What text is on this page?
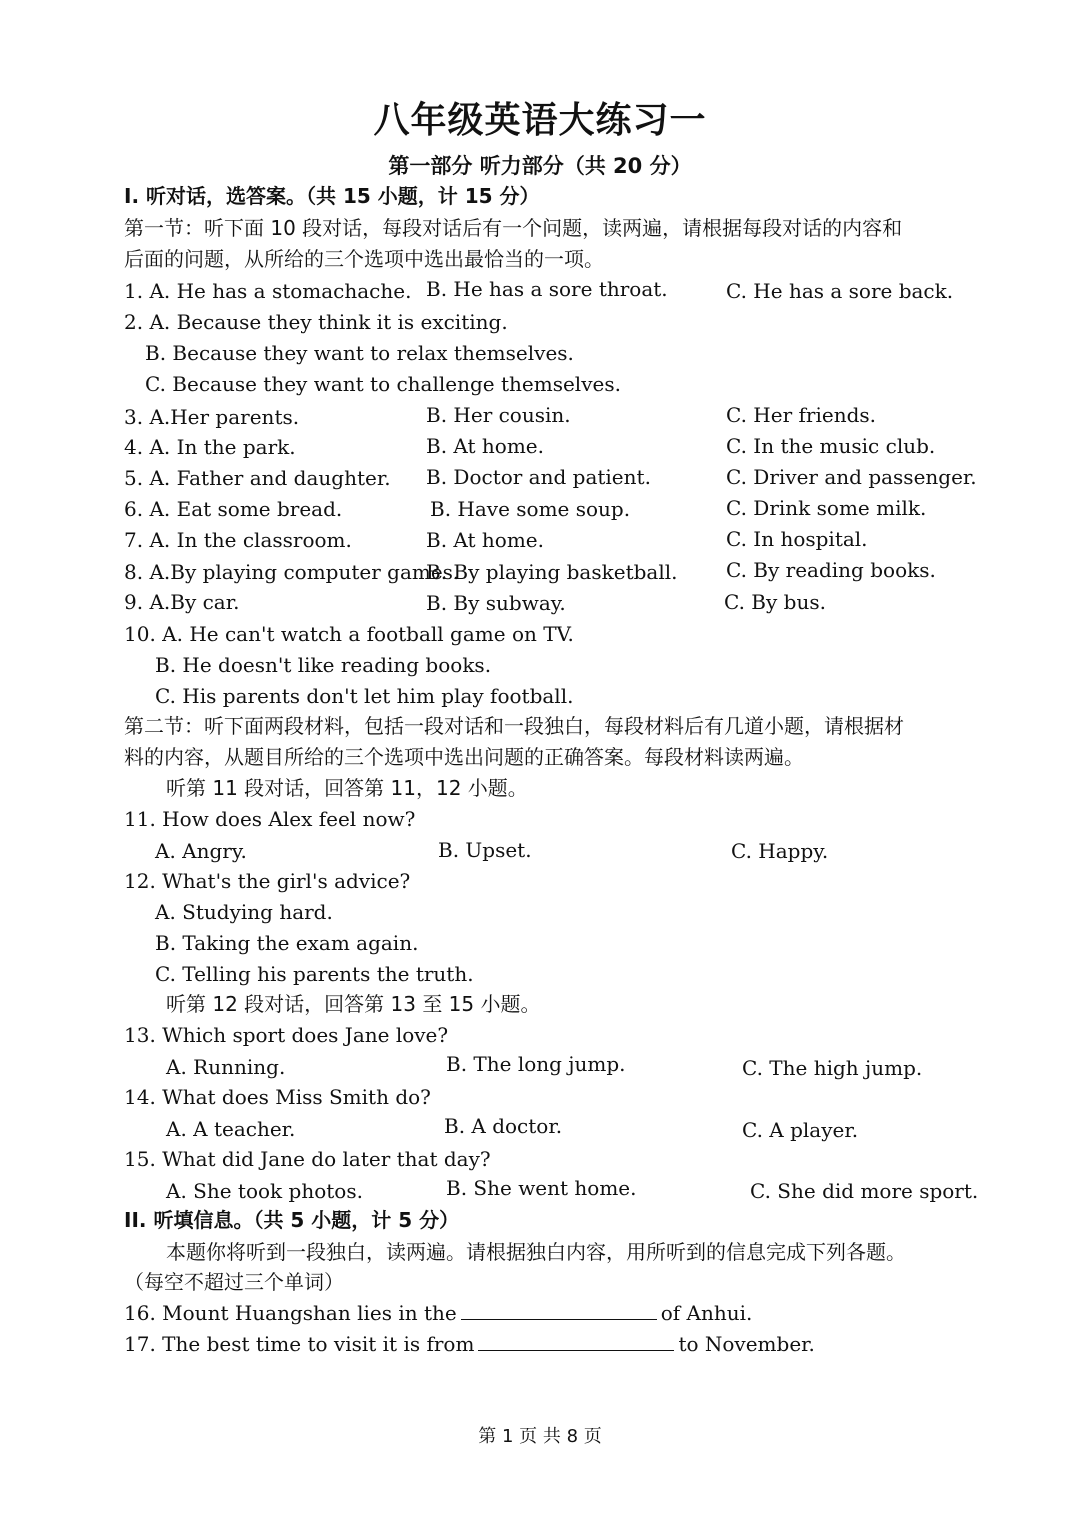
八年级英语大练习一
第一部分 听力部分（共 20 分）
I. 听对话，选答案。（共 15 小题，计 15 分）
第一节：听下面 10 段对话，每段对话后有一个问题，读两遍，请根据每段对话的内容和
后面的问题，从所给的三个选项中选出最恰当的一项。
1. A. He has a stomachache. B. He has a sore throat.	C. He has a sore back.
2. A. Because they think it is exciting.
B. Because they want to relax themselves.
C. Because they want to challenge themselves.
3. A.Her parents.	B. Her cousin.	C. Her friends.
4. A. In the park.	B. At home.	C. In the music club.
5. A. Father and daughter. B. Doctor and patient.	C. Driver and passenger.
6. A. Eat some bread.	B. Have some soup.	C. Drink some milk.
7. A. In the classroom.	B. At home.	C. In hospital.
8. A.By playing computer games.
B. By playing basketball. C. By reading books.
9. A.By car.	B. By subway.	C. By bus.
10. A. He can't watch a football game on TV.
B. He doesn't like reading books.
C. His parents don't let him play football.
第二节：听下面两段材料，包括一段对话和一段独白，每段材料后有几道小题，请根据材
料的内容，从题目所给的三个选项中选出问题的正确答案。每段材料读两遍。
听第 11 段对话，回答第 11，12 小题。
11. How does Alex feel now?
A. Angry.	B. Upset.	C. Happy.
12. What's the girl's advice?
A. Studying hard.
B. Taking the exam again.
C. Telling his parents the truth.
听第 12 段对话，回答第 13 至 15 小题。
13. Which sport does Jane love?
A. Running.	B. The long jump.	C. The high jump.
14. What does Miss Smith do?
A. A teacher.	B. A doctor.	C. A player.
15. What did Jane do later that day?
A. She took photos.	B. She went home.	C. She did more sport.
II. 听填信息。（共 5 小题，计 5 分）
本题你将听到一段独白，读两遍。请根据独白内容，用所听到的信息完成下列各题。
（每空不超过三个单词）
16. Mount Huangshan lies in the	of Anhui.
17. The best time to visit it is from	to November.
第 1 页 共 8 页
